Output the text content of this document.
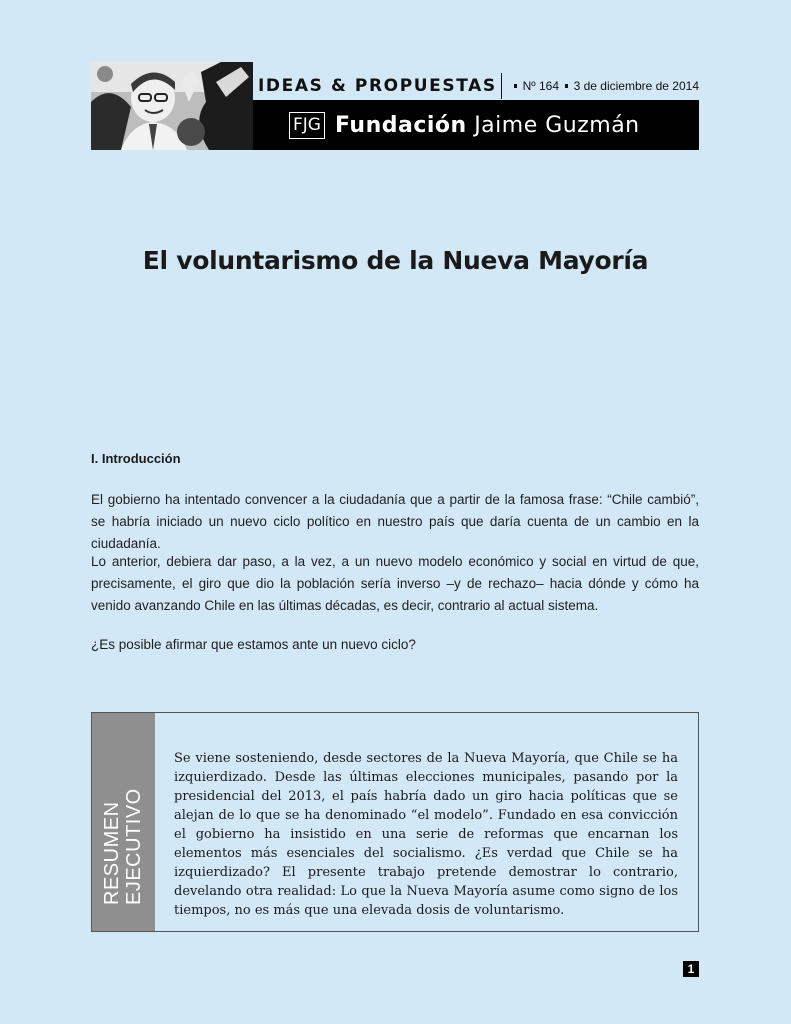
IDEAS & PROPUESTAS Nº 164 3 de diciembre de 2014
FJG Fundación Jaime Guzmán
El voluntarismo de la Nueva Mayoría
I. Introducción

El gobierno ha intentado convencer a la ciudadanía que a partir de la famosa frase: “Chile cambió”, se habría iniciado un nuevo ciclo político en nuestro país que daría cuenta de un cambio en la ciudadanía.

Lo anterior, debiera dar paso, a la vez, a un nuevo modelo económico y social en virtud de que, precisamente, el giro que dio la población sería inverso –y de rechazo– hacia dónde y cómo ha venido avanzando Chile en las últimas décadas, es decir, contrario al actual sistema.

¿Es posible afirmar que estamos ante un nuevo ciclo?

RESUMEN EJECUTIVO
Se viene sosteniendo, desde sectores de la Nueva Mayoría, que Chile se ha izquierdizado. Desde las últimas elecciones municipales, pasando por la presidencial del 2013, el país habría dado un giro hacia políticas que se alejan de lo que se ha denominado “el modelo”. Fundado en esa convicción el gobierno ha insistido en una serie de reformas que encarnan los elementos más esenciales del socialismo. ¿Es verdad que Chile se ha izquierdizado? El presente trabajo pretende demostrar lo contrario, develando otra realidad: Lo que la Nueva Mayoría asume como signo de los tiempos, no es más que una elevada dosis de voluntarismo.
1
